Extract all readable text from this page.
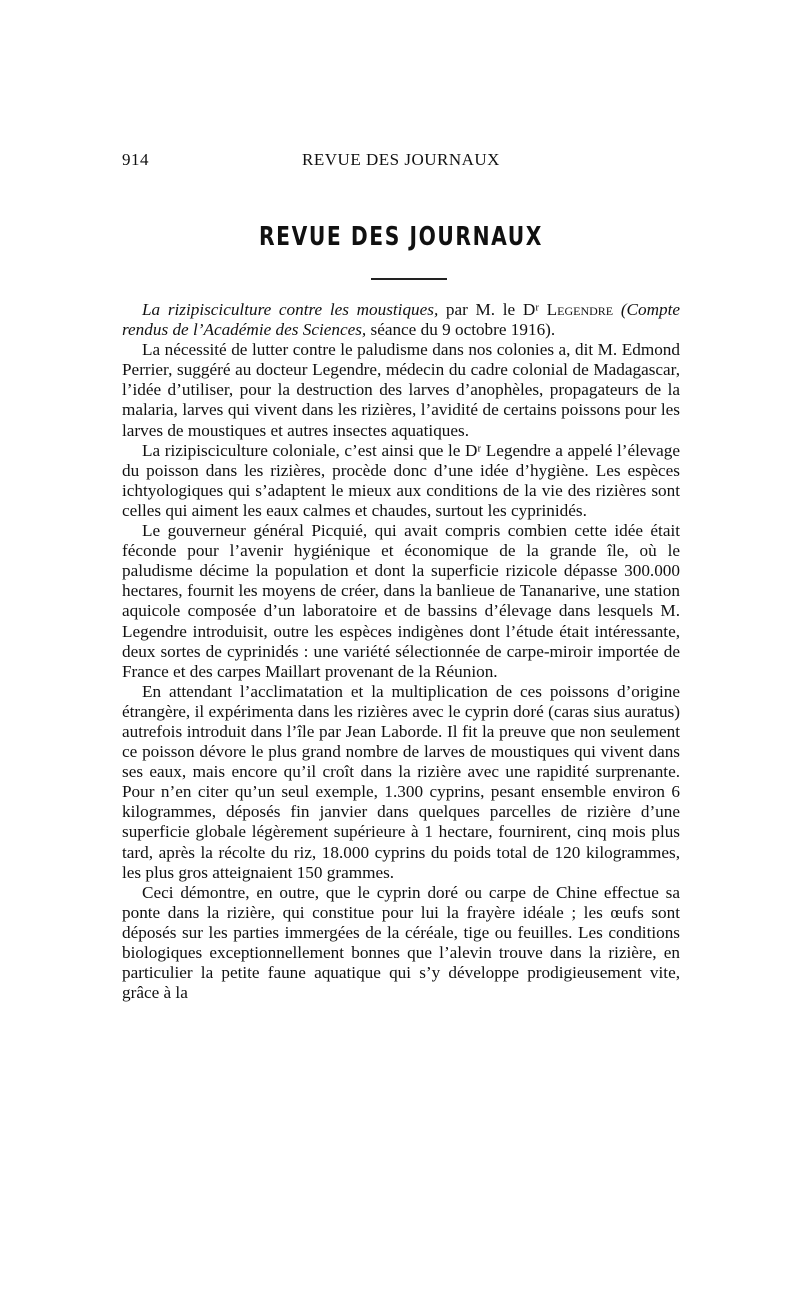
914	REVUE DES JOURNAUX
REVUE DES JOURNAUX

La rizipisciculture contre les moustiques, par M. le Dʳ Legendre (Compte rendus de l’Académie des Sciences, séance du 9 octobre 1916).

La nécessité de lutter contre le paludisme dans nos colonies a, dit M. Edmond Perrier, suggéré au docteur Legendre, médecin du cadre colonial de Madagascar, l’idée d’utiliser, pour la destruction des larves d’anophèles, propagateurs de la malaria, larves qui vivent dans les rizières, l’avidité de certains poissons pour les larves de moustiques et autres insectes aquatiques.

La rizipisciculture coloniale, c’est ainsi que le Dʳ Legendre a appelé l’élevage du poisson dans les rizières, procède donc d’une idée d’hygiène. Les espèces ichtyologiques qui s’adaptent le mieux aux conditions de la vie des rizières sont celles qui aiment les eaux calmes et chaudes, surtout les cyprinidés.

Le gouverneur général Picquié, qui avait compris combien cette idée était féconde pour l’avenir hygiénique et économique de la grande île, où le paludisme décime la population et dont la superficie rizicole dépasse 300.000 hectares, fournit les moyens de créer, dans la banlieue de Tananarive, une station aquicole composée d’un laboratoire et de bassins d’élevage dans lesquels M. Legendre introduisit, outre les espèces indigènes dont l’étude était intéressante, deux sortes de cyprinidés : une variété sélectionnée de carpe-miroir importée de France et des carpes Maillart provenant de la Réunion.

En attendant l’acclimatation et la multiplication de ces poissons d’origine étrangère, il expérimenta dans les rizières avec le cyprin doré (caras sius auratus) autrefois introduit dans l’île par Jean Laborde. Il fit la preuve que non seulement ce poisson dévore le plus grand nombre de larves de moustiques qui vivent dans ses eaux, mais encore qu’il croît dans la rizière avec une rapidité surprenante. Pour n’en citer qu’un seul exemple, 1.300 cyprins, pesant ensemble environ 6 kilogrammes, déposés fin janvier dans quelques parcelles de rizière d’une superficie globale légèrement supérieure à 1 hectare, fournirent, cinq mois plus tard, après la récolte du riz, 18.000 cyprins du poids total de 120 kilogrammes, les plus gros atteignaient 150 grammes.

Ceci démontre, en outre, que le cyprin doré ou carpe de Chine effectue sa ponte dans la rizière, qui constitue pour lui la frayère idéale ; les œufs sont déposés sur les parties immergées de la céréale, tige ou feuilles. Les conditions biologiques exceptionnellement bonnes que l’alevin trouve dans la rizière, en particulier la petite faune aquatique qui s’y développe prodigieusement vite, grâce à la
